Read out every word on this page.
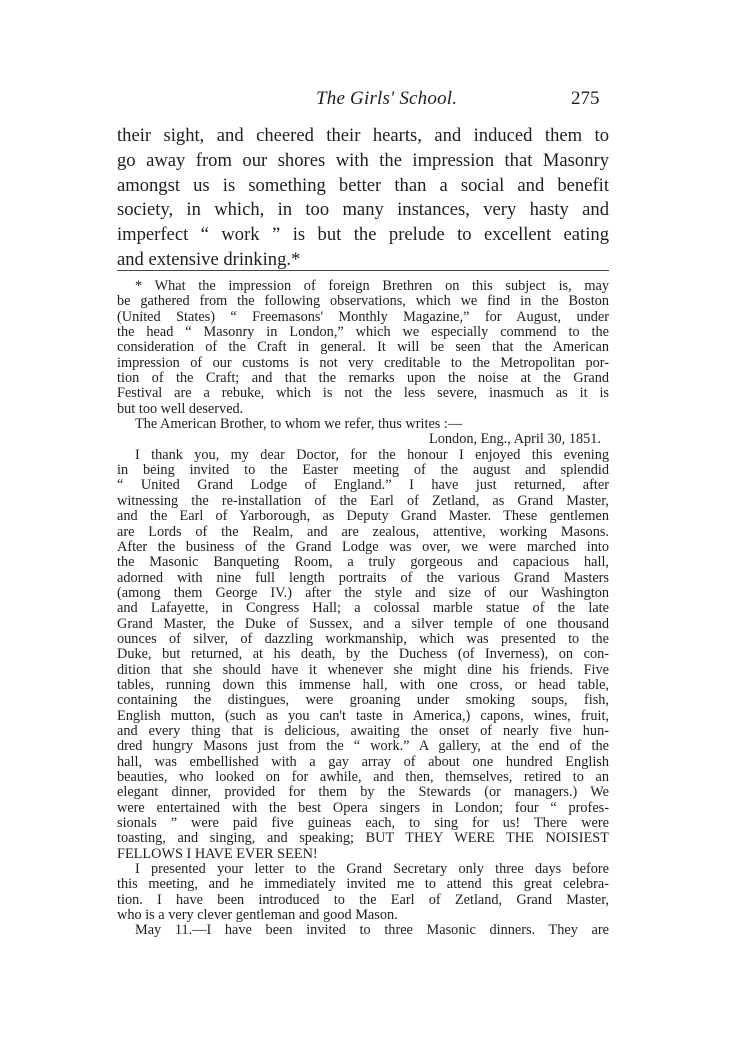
The Girls' School.	275
their sight, and cheered their hearts, and induced them to
go away from our shores with the impression that Masonry
amongst us is something better than a social and benefit
society, in which, in too many instances, very hasty and
imperfect “ work ” is but the prelude to excellent eating
and extensive drinking.*
* What the impression of foreign Brethren on this subject is, may
be gathered from the following observations, which we find in the Boston
(United States) “ Freemasons' Monthly Magazine,” for August, under
the head “ Masonry in London,” which we especially commend to the
consideration of the Craft in general. It will be seen that the American
impression of our customs is not very creditable to the Metropolitan por-
tion of the Craft; and that the remarks upon the noise at the Grand
Festival are a rebuke, which is not the less severe, inasmuch as it is
but too well deserved.
The American Brother, to whom we refer, thus writes :—
London, Eng., April 30, 1851.
I thank you, my dear Doctor, for the honour I enjoyed this evening
in being invited to the Easter meeting of the august and splendid
“ United Grand Lodge of England.” I have just returned, after
witnessing the re-installation of the Earl of Zetland, as Grand Master,
and the Earl of Yarborough, as Deputy Grand Master. These gentlemen
are Lords of the Realm, and are zealous, attentive, working Masons.
After the business of the Grand Lodge was over, we were marched into
the Masonic Banqueting Room, a truly gorgeous and capacious hall,
adorned with nine full length portraits of the various Grand Masters
(among them George IV.) after the style and size of our Washington
and Lafayette, in Congress Hall; a colossal marble statue of the late
Grand Master, the Duke of Sussex, and a silver temple of one thousand
ounces of silver, of dazzling workmanship, which was presented to the
Duke, but returned, at his death, by the Duchess (of Inverness), on con-
dition that she should have it whenever she might dine his friends. Five
tables, running down this immense hall, with one cross, or head table,
containing the distingues, were groaning under smoking soups, fish,
English mutton, (such as you can't taste in America,) capons, wines, fruit,
and every thing that is delicious, awaiting the onset of nearly five hun-
dred hungry Masons just from the “ work.” A gallery, at the end of the
hall, was embellished with a gay array of about one hundred English
beauties, who looked on for awhile, and then, themselves, retired to an
elegant dinner, provided for them by the Stewards (or managers.) We
were entertained with the best Opera singers in London; four “ profes-
sionals ” were paid five guineas each, to sing for us! There were
toasting, and singing, and speaking; BUT THEY WERE THE NOISIEST
FELLOWS I HAVE EVER SEEN!
I presented your letter to the Grand Secretary only three days before
this meeting, and he immediately invited me to attend this great celebra-
tion. I have been introduced to the Earl of Zetland, Grand Master,
who is a very clever gentleman and good Mason.
May 11.—I have been invited to three Masonic dinners. They are
